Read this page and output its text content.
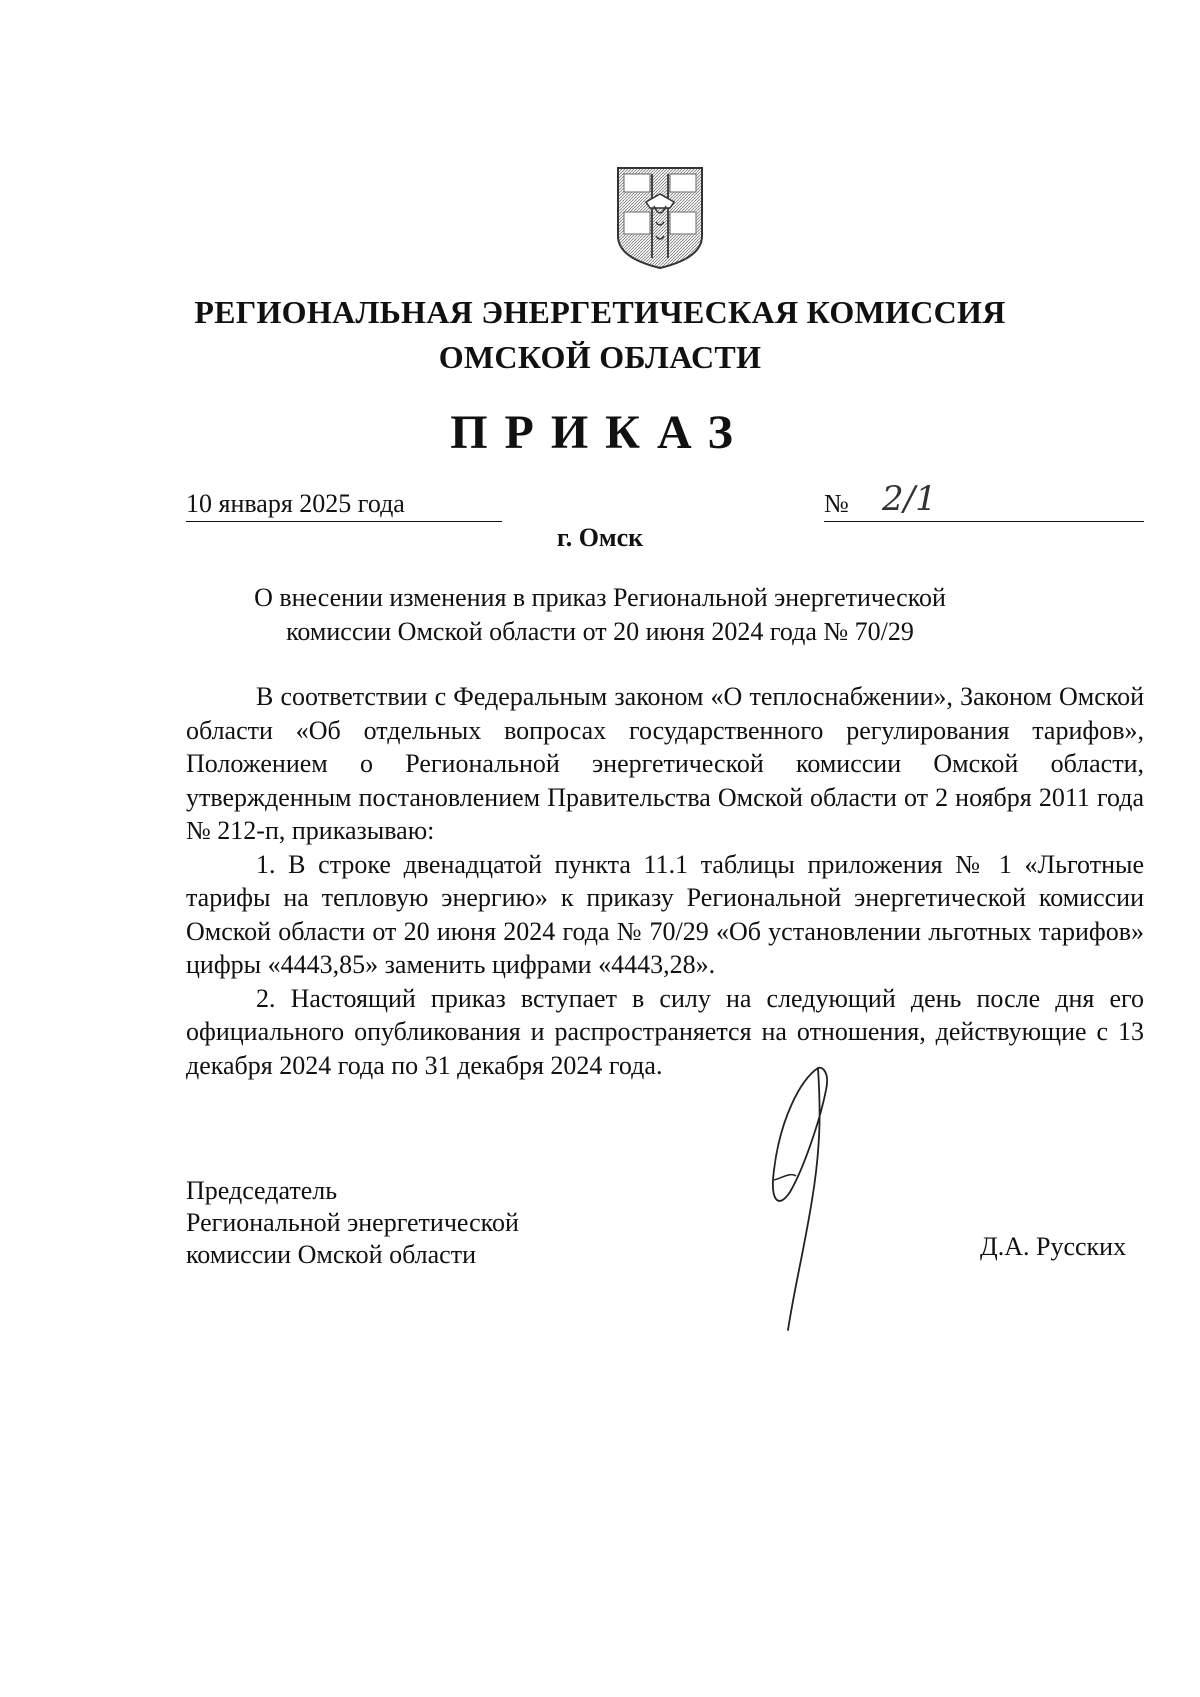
РЕГИОНАЛЬНАЯ ЭНЕРГЕТИЧЕСКАЯ КОМИССИЯ
ОМСКОЙ ОБЛАСТИ
ПРИКАЗ
10 января 2025 года	№ 2/1
г. Омск
О внесении изменения в приказ Региональной энергетической
комиссии Омской области от 20 июня 2024 года № 70/29

В соответствии с Федеральным законом «О теплоснабжении», Законом Омской области «Об отдельных вопросах государственного регулирования тарифов», Положением о Региональной энергетической комиссии Омской области, утвержденным постановлением Правительства Омской области от 2 ноября 2011 года № 212-п, приказываю:

1. В строке двенадцатой пункта 11.1 таблицы приложения № 1 «Льготные тарифы на тепловую энергию» к приказу Региональной энергетической комиссии Омской области от 20 июня 2024 года № 70/29 «Об установлении льготных тарифов» цифры «4443,85» заменить цифрами «4443,28».

2. Настоящий приказ вступает в силу на следующий день после дня его официального опубликования и распространяется на отношения, действующие с 13 декабря 2024 года по 31 декабря 2024 года.

Председатель
Региональной энергетической
комиссии Омской области	Д.А. Русских
